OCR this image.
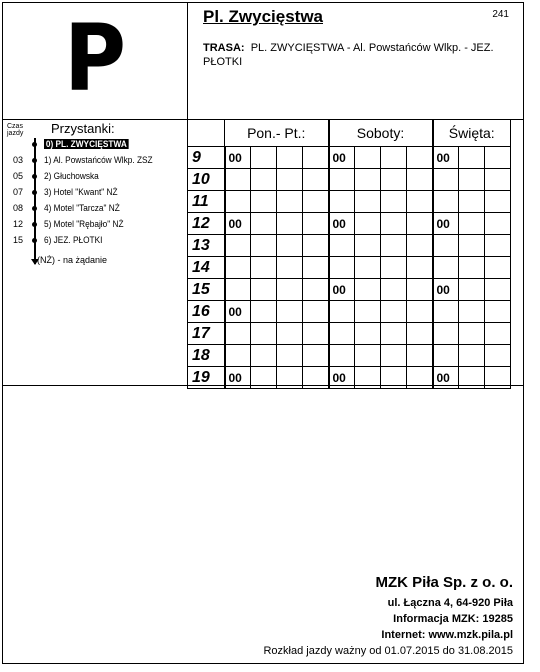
P	Pl. Zwycięstwa	241
TRASA: PL. ZWYCIĘSTWA - Al. Powstańców Wlkp. - JEZ. PŁOTKI
Czas jazdy	Przystanki:
0) PL. ZWYCIĘSTWA
03	1) Al. Powstańców Wlkp. ZSZ
05	2) Głuchowska
07	3) Hotel "Kwant" NŻ
08	4) Motel "Tarcza" NŻ
12	5) Motel "Rębajło" NŻ
15	6) JEZ. PŁOTKI
(NŻ) - na żądanie
	Pon.- Pt.:				Soboty:				Święta:		
9	00				00				00		
10											
11											
12	00				00				00		
13											
14											
15					00				00		
16	00										
17											
18											
19	00				00				00		
MZK Piła Sp. z o. o.
ul. Łączna 4, 64-920 Piła
Informacja MZK: 19285
Internet: www.mzk.pila.pl
Rozkład jazdy ważny od 01.07.2015 do 31.08.2015
